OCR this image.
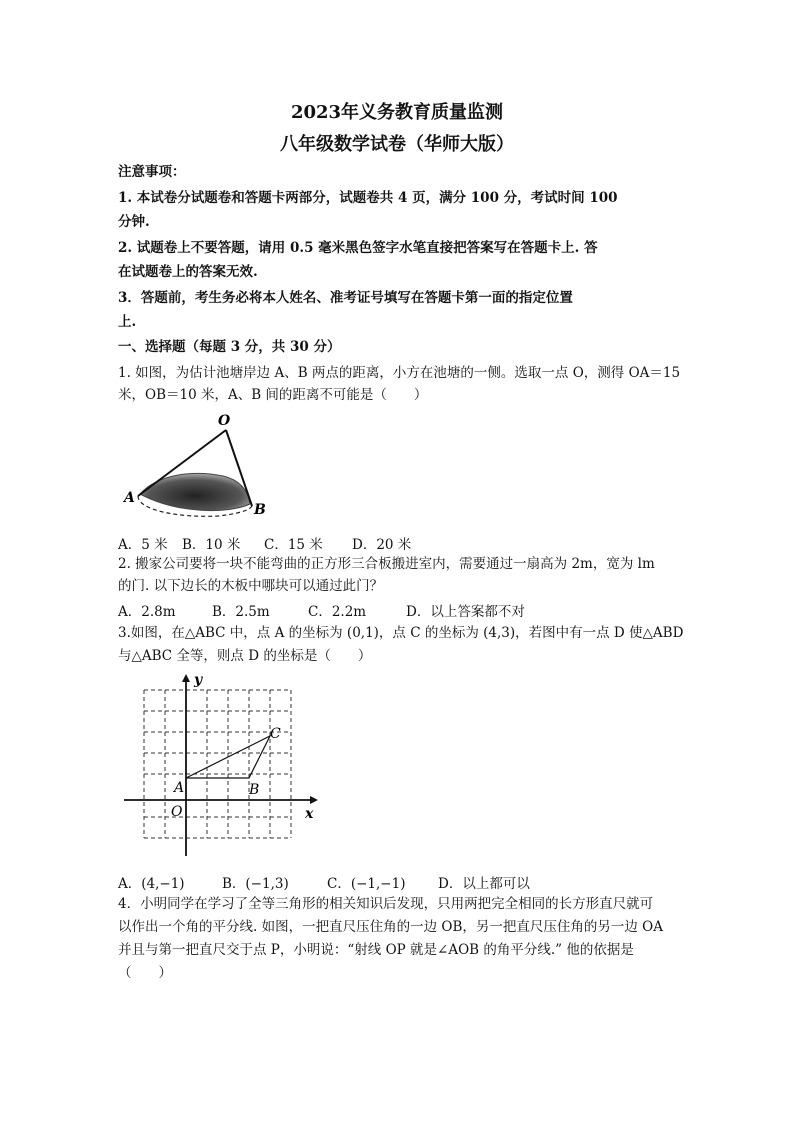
2023年义务教育质量监测
八年级数学试卷（华师大版）
注意事项：
1. 本试卷分试题卷和答题卡两部分，试题卷共 4 页，满分 100 分，考试时间 100
分钟.
2. 试题卷上不要答题，请用 0.5 毫米黑色签字水笔直接把答案写在答题卡上. 答
在试题卷上的答案无效.
3．答题前，考生务必将本人姓名、准考证号填写在答题卡第一面的指定位置
上.
一、选择题（每题 3 分，共 30 分）
1. 如图，为估计池塘岸边 A、B 两点的距离，小方在池塘的一侧。选取一点 O，测得 OA＝15
米，OB＝10 米，A、B 间的距离不可能是（　　）
O
A
B
A．5 米 B．10 米 C．15 米 D．20 米
2. 搬家公司要将一块不能弯曲的正方形三合板搬进室内，需要通过一扇高为 2m，宽为 lm
的门. 以下边长的木板中哪块可以通过此门？
A．2.8m	B．2.5m	C．2.2m	D．以上答案都不对
3.如图，在△ABC 中，点 A 的坐标为 (0,1)，点 C 的坐标为 (4,3)，若图中有一点 D 使△ABD
与△ABC 全等，则点 D 的坐标是（　　）
y
x
O
A	B
C
A．(4,−1)	B．(−1,3)	C．(−1,−1) D．以上都可以
4．小明同学在学习了全等三角形的相关知识后发现，只用两把完全相同的长方形直尺就可
以作出一个角的平分线. 如图，一把直尺压住角的一边 OB，另一把直尺压住角的另一边 OA
并且与第一把直尺交于点 P，小明说：“射线 OP 就是∠AOB 的角平分线.” 他的依据是
（　　）
